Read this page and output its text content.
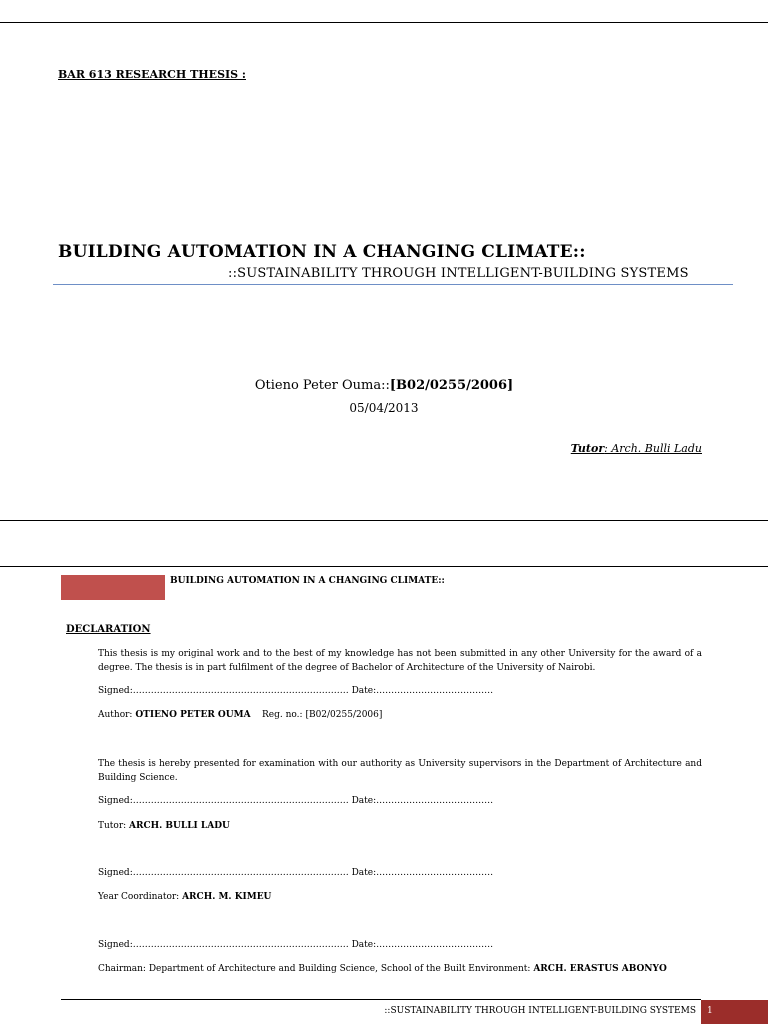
BAR 613 RESEARCH THESIS :
BUILDING AUTOMATION IN A CHANGING CLIMATE::
::SUSTAINABILITY THROUGH INTELLIGENT-BUILDING SYSTEMS
Otieno Peter Ouma::[B02/0255/2006]
05/04/2013
Tutor: Arch. Bulli Ladu
BUILDING AUTOMATION IN A CHANGING CLIMATE::
DECLARATION
This thesis is my original work and to the best of my knowledge has not been submitted in any other University for the award of a degree. The thesis is in part fulfilment of the degree of Bachelor of Architecture of the University of Nairobi.
Signed:……………………………………………………………… Date:…………………………………
Author: OTIENO PETER OUMA Reg. no.: [B02/0255/2006]
The thesis is hereby presented for examination with our authority as University supervisors in the Department of Architecture and Building Science.
Signed:……………………………………………………………… Date:…………………………………
Tutor: ARCH. BULLI LADU
Signed:……………………………………………………………… Date:…………………………………
Year Coordinator: ARCH. M. KIMEU
Signed:……………………………………………………………… Date:…………………………………
Chairman: Department of Architecture and Building Science, School of the Built Environment: ARCH. ERASTUS ABONYO
::SUSTAINABILITY THROUGH INTELLIGENT-BUILDING SYSTEMS 1
